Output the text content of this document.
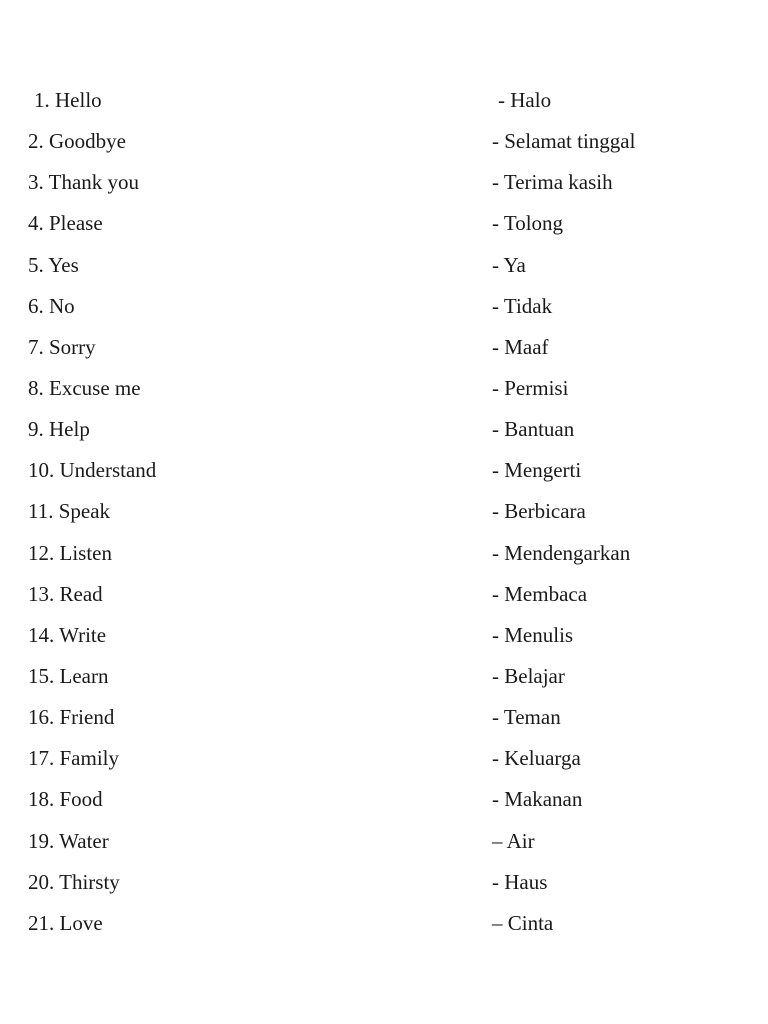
1. Hello	- Halo
2. Goodbye	- Selamat tinggal
3. Thank you	- Terima kasih
4. Please	- Tolong
5. Yes	- Ya
6. No	- Tidak
7. Sorry	- Maaf
8. Excuse me	- Permisi
9. Help	- Bantuan
10. Understand	- Mengerti
11. Speak	- Berbicara
12. Listen	- Mendengarkan
13. Read	- Membaca
14. Write	- Menulis
15. Learn	- Belajar
16. Friend	- Teman
17. Family	- Keluarga
18. Food	- Makanan
19. Water	– Air
20. Thirsty	- Haus
21. Love	– Cinta
